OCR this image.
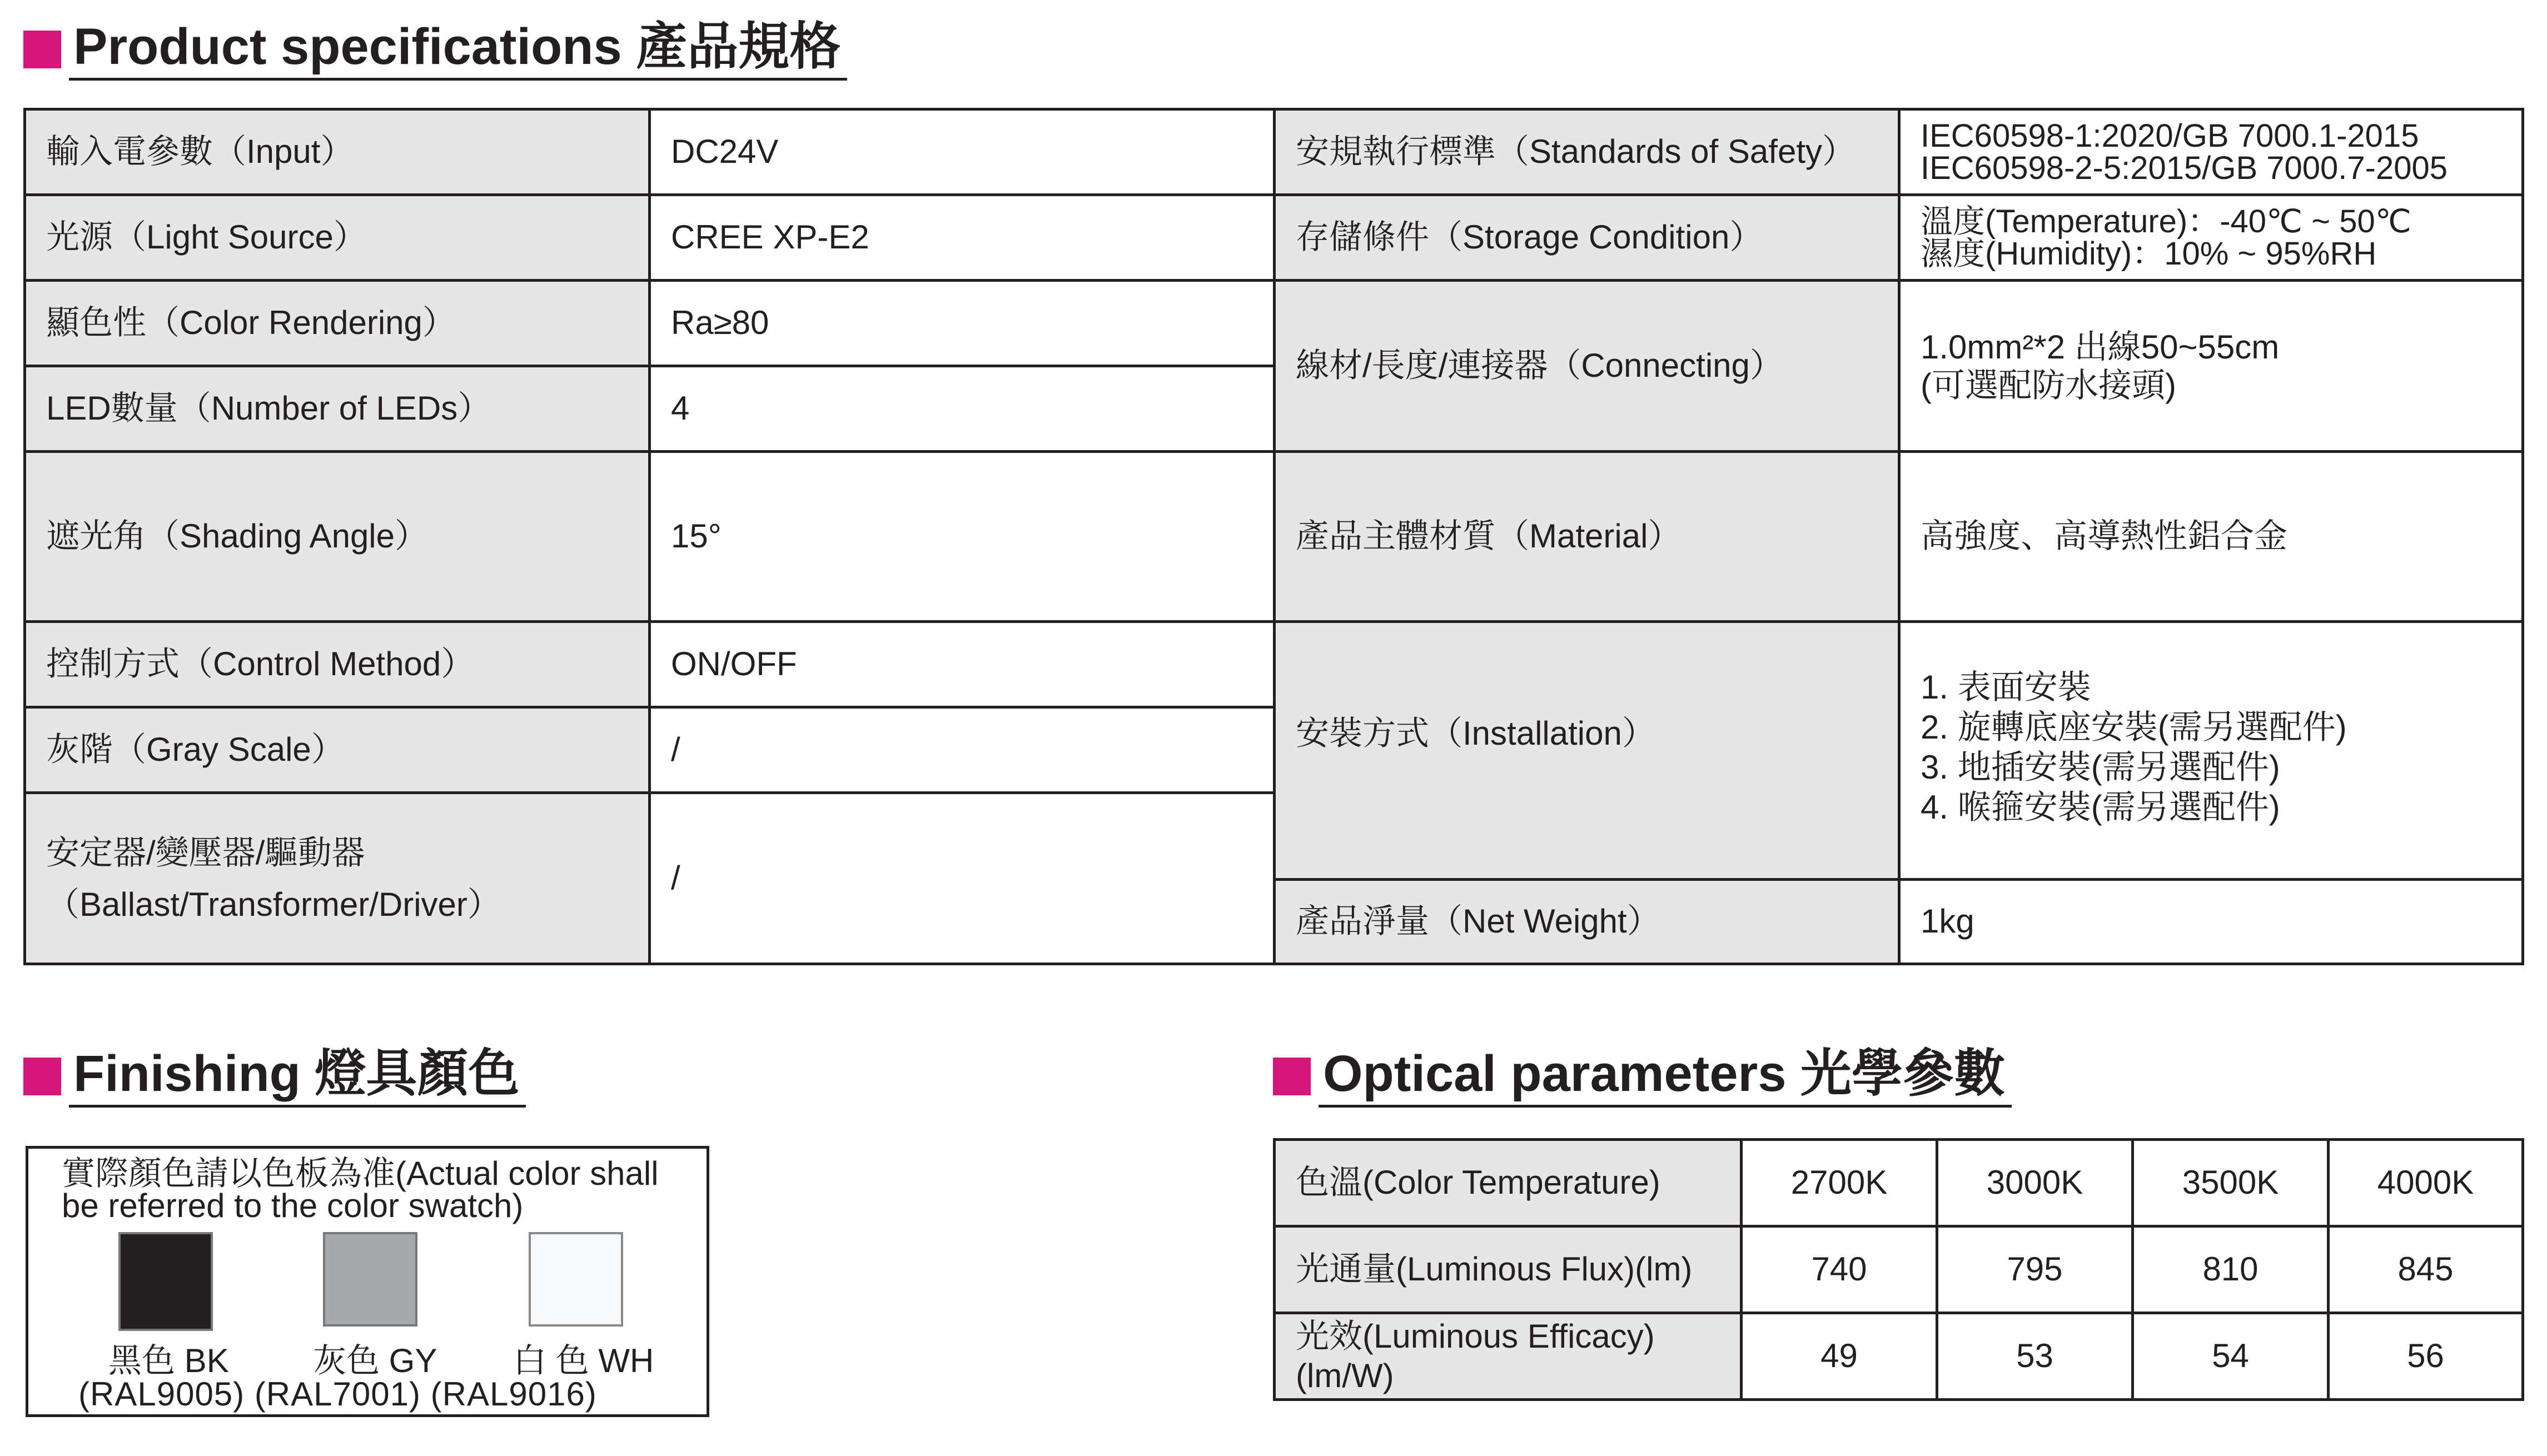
Product specifications 產品規格
輸入電參數（Input）	DC24V	安規執行標準（Standards of Safety）	IEC60598-1:2020/GB 7000.1-2015
IEC60598-2-5:2015/GB 7000.7-2005

光源（Light Source）	CREE XP-E2	存儲條件（Storage Condition）	溫度(Temperature)：-40℃ ~ 50℃
濕度(Humidity)：10% ~ 95%RH

顯色性（Color Rendering）	Ra≥80	線材/長度/連接器（Connecting）	1.0mm²*2 出線50~55cm
(可選配防水接頭)

LED數量（Number of LEDs）	4		
遮光角（Shading Angle）	15°	產品主體材質（Material）	高強度、高導熱性鋁合金
控制方式（Control Method）	ON/OFF	安裝方式（Installation）	1. 表面安裝
2. 旋轉底座安裝(需另選配件)
3. 地插安裝(需另選配件)
4. 喉箍安裝(需另選配件)

灰階（Gray Scale）	/		

安定器/變壓器/驅動器
（Ballast/Transformer/Driver）	/		
		產品淨量（Net Weight）	1kg
Finishing 燈具顏色
實際顏色請以色板為准(Actual color shall
be referred to the color swatch)
黑色 BK	灰色 GY 白 色 WH
(RAL9005) (RAL7001) (RAL9016)
Optical parameters 光學參數
色溫(Color Temperature)	2700K	3000K	3500K	4000K
光通量(Luminous Flux)(lm)	740	795	810	845
光效(Luminous Efficacy)(lm/W)	49	53	54	56
